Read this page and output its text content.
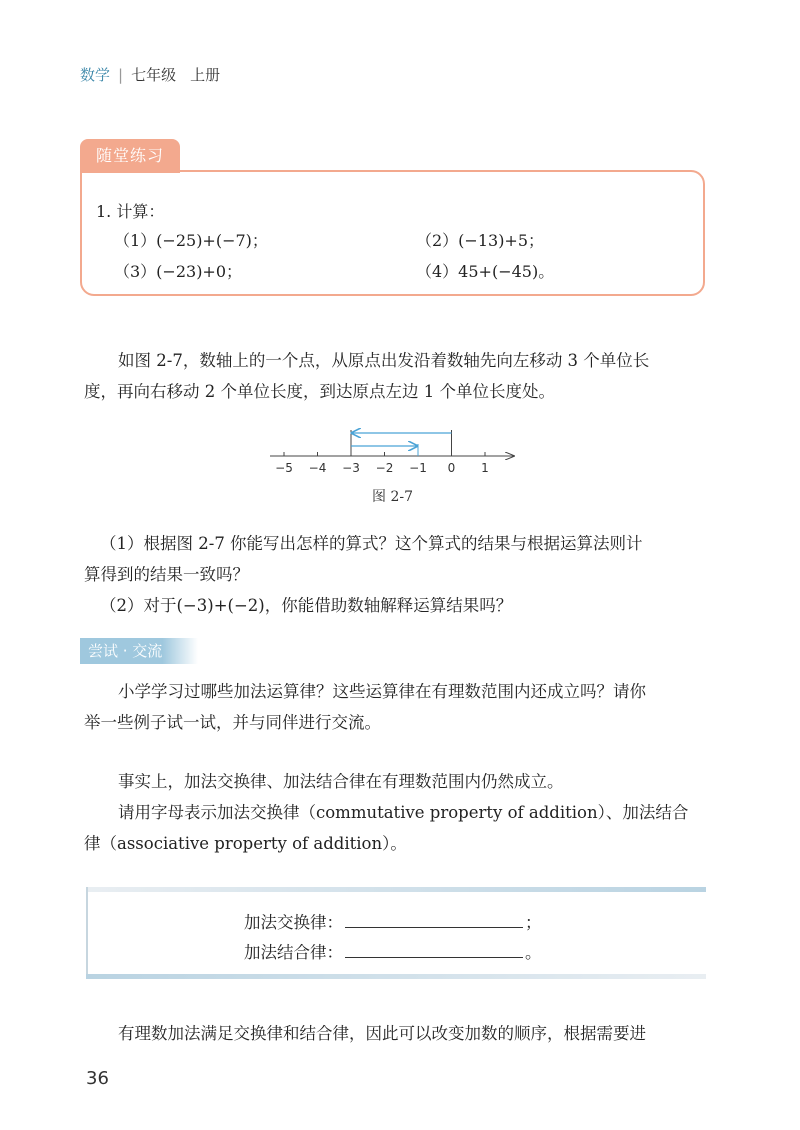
数学 | 七年级 上册
随堂练习
1. 计算：
（1）(−25)+(−7)；	（2）(−13)+5；
（3）(−23)+0；	（4）45+(−45)。
如图 2-7，数轴上的一个点，从原点出发沿着数轴先向左移动 3 个单位长
度，再向右移动 2 个单位长度，到达原点左边 1 个单位长度处。
−5 −4 −3 −2 −1 0 1
图 2-7
（1）根据图 2-7 你能写出怎样的算式？这个算式的结果与根据运算法则计
算得到的结果一致吗？
（2）对于(−3)+(−2)，你能借助数轴解释运算结果吗？
尝试 · 交流
小学学习过哪些加法运算律？这些运算律在有理数范围内还成立吗？请你
举一些例子试一试，并与同伴进行交流。
事实上，加法交换律、加法结合律在有理数范围内仍然成立。
请用字母表示加法交换律（commutative property of addition）、加法结合
律（associative property of addition）。
加法交换律：	；
加法结合律：	。
有理数加法满足交换律和结合律，因此可以改变加数的顺序，根据需要进
36
